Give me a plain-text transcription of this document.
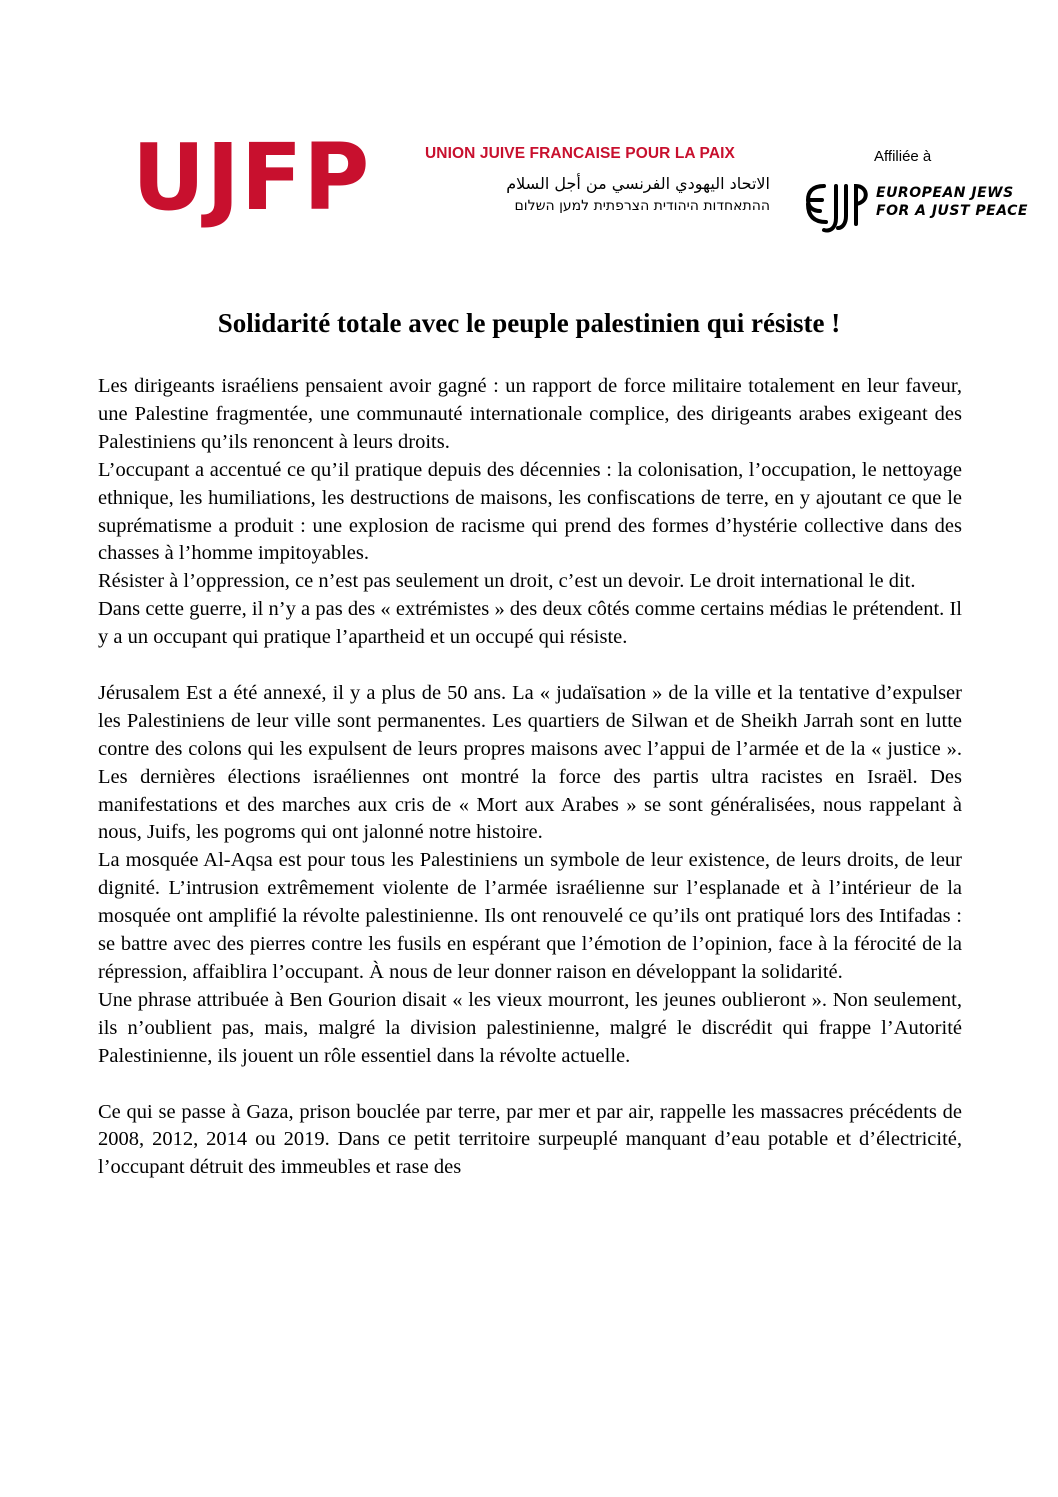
UJFP	UNION JUIVE FRANCAISE POUR LA PAIX
الاتحاد اليهودي الفرنسي من أجل السلام
ההתאחדות היהודית הצרפתית למען השלום
Affiliée à
EUROPEAN JEWS
FOR A JUST PEACE
Solidarité totale avec le peuple palestinien qui résiste !

Les dirigeants israéliens pensaient avoir gagné : un rapport de force militaire totalement en leur faveur, une Palestine fragmentée, une communauté internationale complice, des dirigeants arabes exigeant des Palestiniens qu’ils renoncent à leurs droits.

L’occupant a accentué ce qu’il pratique depuis des décennies : la colonisation, l’occupation, le nettoyage ethnique, les humiliations, les destructions de maisons, les confiscations de terre, en y ajoutant ce que le suprématisme a produit : une explosion de racisme qui prend des formes d’hystérie collective dans des chasses à l’homme impitoyables.

Résister à l’oppression, ce n’est pas seulement un droit, c’est un devoir. Le droit international le dit.

Dans cette guerre, il n’y a pas des « extrémistes » des deux côtés comme certains médias le prétendent. Il y a un occupant qui pratique l’apartheid et un occupé qui résiste.

Jérusalem Est a été annexé, il y a plus de 50 ans. La « judaïsation » de la ville et la tentative d’expulser les Palestiniens de leur ville sont permanentes. Les quartiers de Silwan et de Sheikh Jarrah sont en lutte contre des colons qui les expulsent de leurs propres maisons avec l’appui de l’armée et de la « justice ». Les dernières élections israéliennes ont montré la force des partis ultra racistes en Israël. Des manifestations et des marches aux cris de « Mort aux Arabes » se sont généralisées, nous rappelant à nous, Juifs, les pogroms qui ont jalonné notre histoire.

La mosquée Al-Aqsa est pour tous les Palestiniens un symbole de leur existence, de leurs droits, de leur dignité. L’intrusion extrêmement violente de l’armée israélienne sur l’esplanade et à l’intérieur de la mosquée ont amplifié la révolte palestinienne. Ils ont renouvelé ce qu’ils ont pratiqué lors des Intifadas : se battre avec des pierres contre les fusils en espérant que l’émotion de l’opinion, face à la férocité de la répression, affaiblira l’occupant. À nous de leur donner raison en développant la solidarité.

Une phrase attribuée à Ben Gourion disait « les vieux mourront, les jeunes oublieront ». Non seulement, ils n’oublient pas, mais, malgré la division palestinienne, malgré le discrédit qui frappe l’Autorité Palestinienne, ils jouent un rôle essentiel dans la révolte actuelle.

Ce qui se passe à Gaza, prison bouclée par terre, par mer et par air, rappelle les massacres précédents de 2008, 2012, 2014 ou 2019. Dans ce petit territoire surpeuplé manquant d’eau potable et d’électricité, l’occupant détruit des immeubles et rase des
